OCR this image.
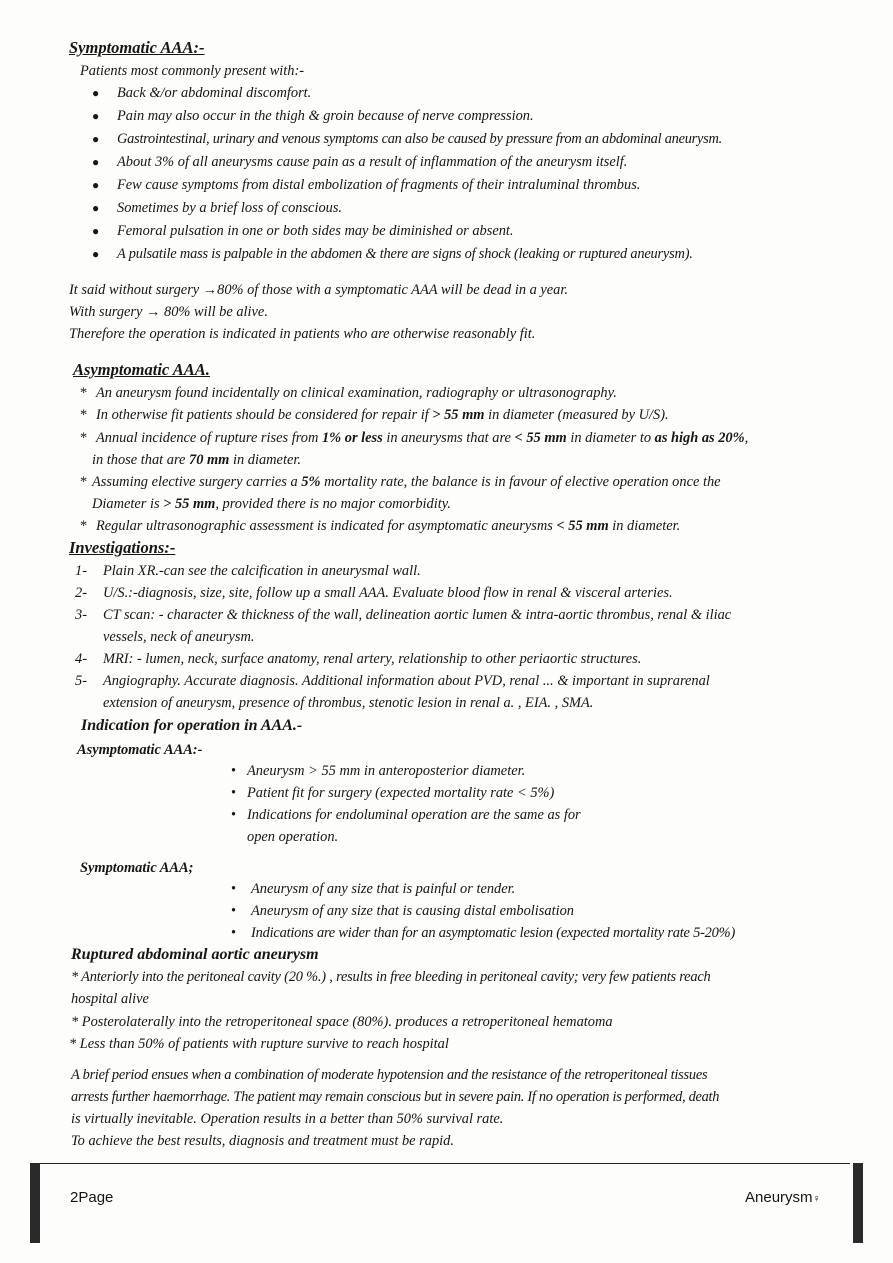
Symptomatic AAA:-
Patients most commonly present with:-
● Back &/or abdominal discomfort.
● Pain may also occur in the thigh & groin because of nerve compression.
● Gastrointestinal, urinary and venous symptoms can also be caused by pressure from an abdominal aneurysm.
● About 3% of all aneurysms cause pain as a result of inflammation of the aneurysm itself.
● Few cause symptoms from distal embolization of fragments of their intraluminal thrombus.
● Sometimes by a brief loss of conscious.
● Femoral pulsation in one or both sides may be diminished or absent.
● A pulsatile mass is palpable in the abdomen & there are signs of shock (leaking or ruptured aneurysm).
It said without surgery →80% of those with a symptomatic AAA will be dead in a year.
With surgery → 80% will be alive.
Therefore the operation is indicated in patients who are otherwise reasonably fit.
Asymptomatic AAA.
* An aneurysm found incidentally on clinical examination, radiography or ultrasonography.
* In otherwise fit patients should be considered for repair if > 55 mm in diameter (measured by U/S).
* Annual incidence of rupture rises from 1% or less in aneurysms that are < 55 mm in diameter to as high as 20%,
in those that are 70 mm in diameter.
* Assuming elective surgery carries a 5% mortality rate, the balance is in favour of elective operation once the
Diameter is > 55 mm, provided there is no major comorbidity.
* Regular ultrasonographic assessment is indicated for asymptomatic aneurysms < 55 mm in diameter.
Investigations:-
1- Plain XR.-can see the calcification in aneurysmal wall.
2- U/S.:-diagnosis, size, site, follow up a small AAA. Evaluate blood flow in renal & visceral arteries.
3- CT scan: - character & thickness of the wall, delineation aortic lumen & intra-aortic thrombus, renal & iliac
vessels, neck of aneurysm.
4- MRI: - lumen, neck, surface anatomy, renal artery, relationship to other periaortic structures.
5- Angiography. Accurate diagnosis. Additional information about PVD, renal ... & important in suprarenal
extension of aneurysm, presence of thrombus, stenotic lesion in renal a. , EIA. , SMA.
Indication for operation in AAA.-
Asymptomatic AAA:-
• Aneurysm > 55 mm in anteroposterior diameter.
• Patient fit for surgery (expected mortality rate < 5%)
• Indications for endoluminal operation are the same as for
open operation.
Symptomatic AAA;
• Aneurysm of any size that is painful or tender.
• Aneurysm of any size that is causing distal embolisation
• Indications are wider than for an asymptomatic lesion (expected mortality rate 5-20%)
Ruptured abdominal aortic aneurysm
* Anteriorly into the peritoneal cavity (20 %.) , results in free bleeding in peritoneal cavity; very few patients reach
hospital alive
* Posterolaterally into the retroperitoneal space (80%). produces a retroperitoneal hematoma
* Less than 50% of patients with rupture survive to reach hospital
A brief period ensues when a combination of moderate hypotension and the resistance of the retroperitoneal tissues
arrests further haemorrhage. The patient may remain conscious but in severe pain. If no operation is performed, death
is virtually inevitable. Operation results in a better than 50% survival rate.
To achieve the best results, diagnosis and treatment must be rapid.
2Page	Aneurysm♀
